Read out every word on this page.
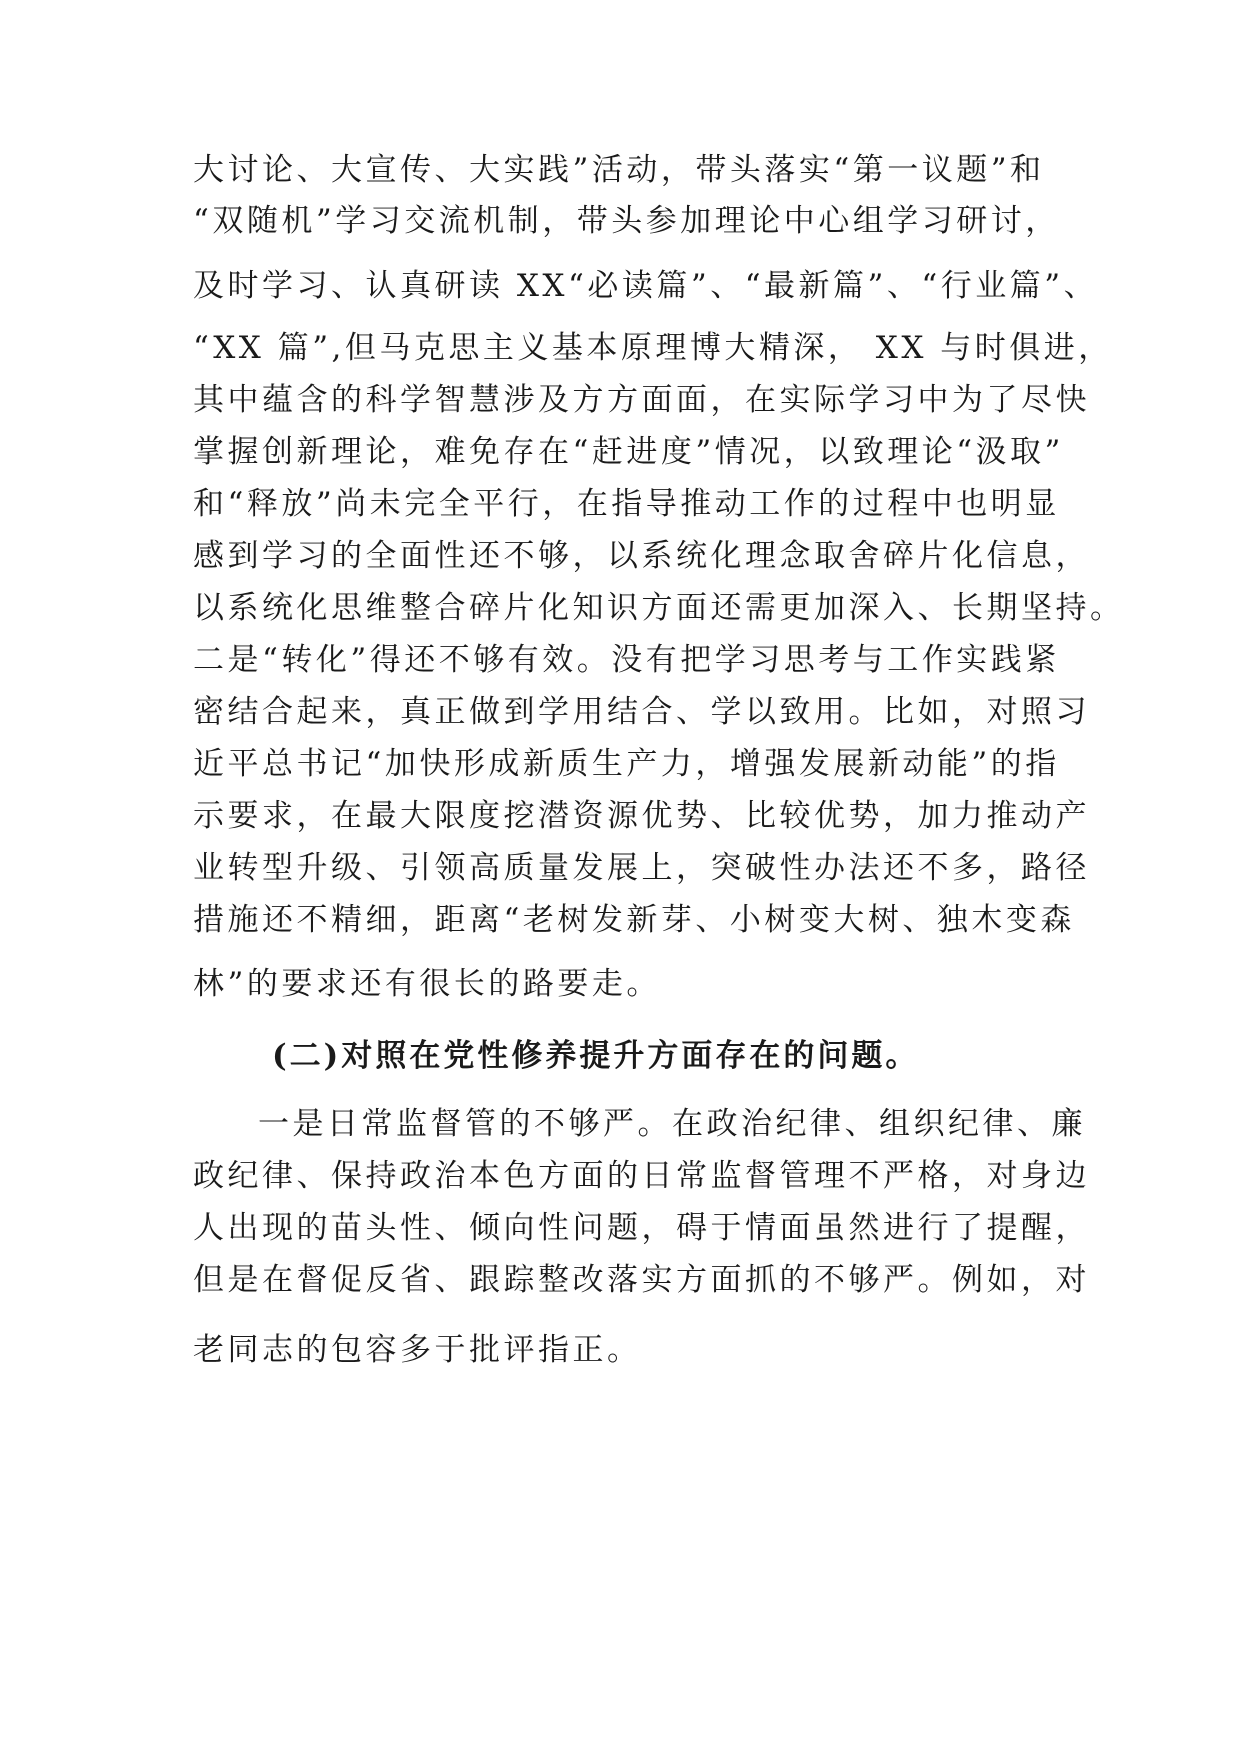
大讨论、大宣传、大实践”活动，带头落实“第一议题”和
“双随机”学习交流机制，带头参加理论中心组学习研讨，
及时学习、认真研读 XX“必读篇”、“最新篇”、“行业篇”、
“XX 篇”,但马克思主义基本原理博大精深， XX 与时俱进，
其中蕴含的科学智慧涉及方方面面，在实际学习中为了尽快
掌握创新理论，难免存在“赶进度”情况，以致理论“汲取”
和“释放”尚未完全平行，在指导推动工作的过程中也明显
感到学习的全面性还不够，以系统化理念取舍碎片化信息，
以系统化思维整合碎片化知识方面还需更加深入、长期坚持。
二是“转化”得还不够有效。没有把学习思考与工作实践紧
密结合起来，真正做到学用结合、学以致用。比如，对照习
近平总书记“加快形成新质生产力，增强发展新动能”的指
示要求，在最大限度挖潜资源优势、比较优势，加力推动产
业转型升级、引领高质量发展上，突破性办法还不多，路径
措施还不精细，距离“老树发新芽、小树变大树、独木变森
林”的要求还有很长的路要走。
(二)对照在党性修养提升方面存在的问题。
一是日常监督管的不够严。在政治纪律、组织纪律、廉
政纪律、保持政治本色方面的日常监督管理不严格，对身边
人出现的苗头性、倾向性问题，碍于情面虽然进行了提醒，
但是在督促反省、跟踪整改落实方面抓的不够严。例如，对
老同志的包容多于批评指正。
